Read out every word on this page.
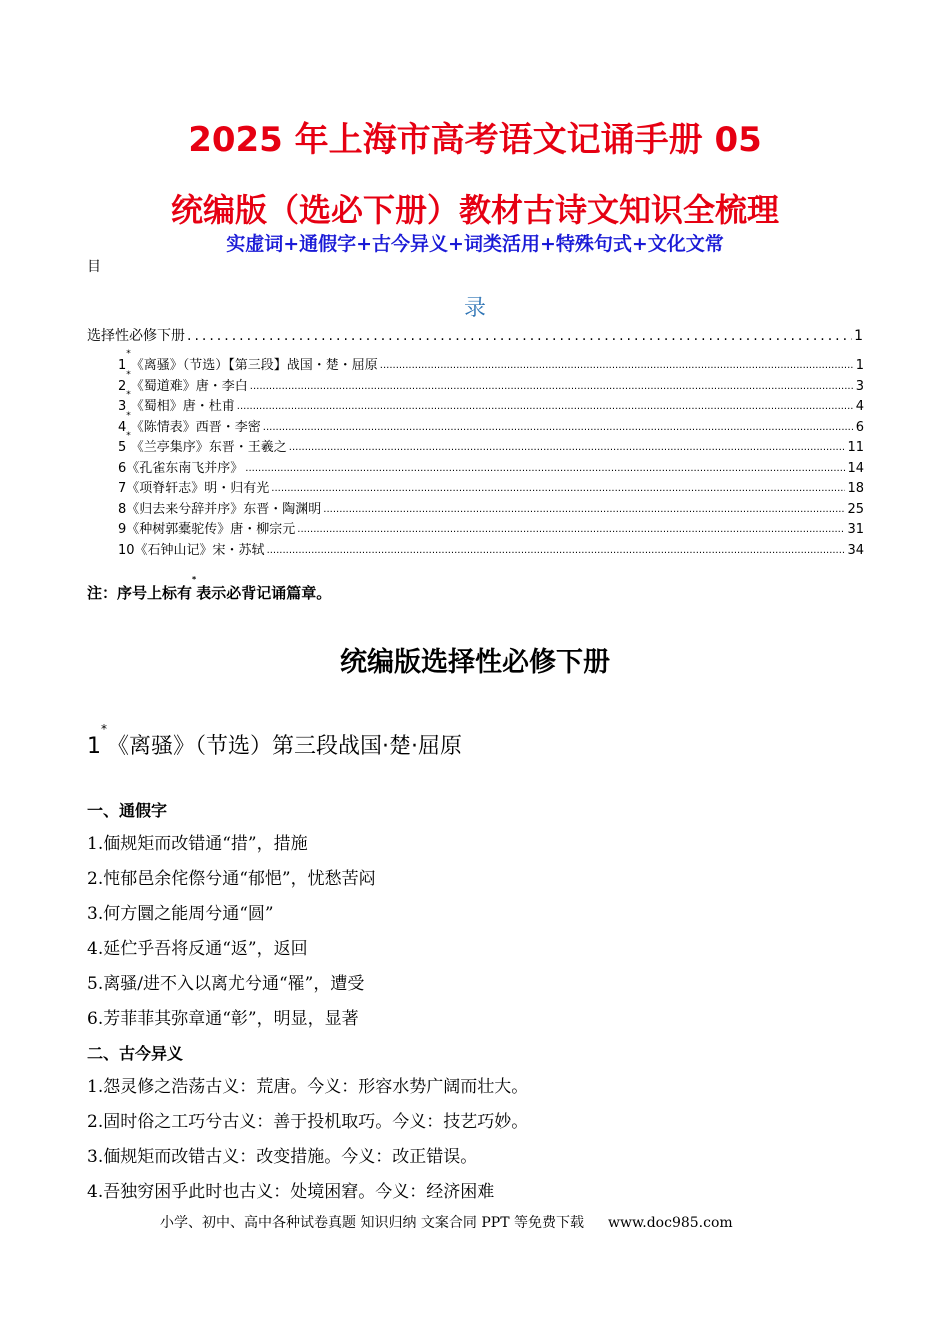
2025 年上海市高考语文记诵手册 05
统编版（选必下册）教材古诗文知识全梳理
实虚词+通假字+古今异义+词类活用+特殊句式+文化文常
目
录
选择性必修下册 .....	1
1*《离骚》（节选）【第三段】战国・楚・屈原 .....	1
2*《蜀道难》唐・李白 .....	3
3*《蜀相》唐・杜甫 .....	4
4*《陈情表》西晋・李密 .....	6
5*《兰亭集序》东晋・王羲之 .....	11
6《孔雀东南飞并序》 .....	14
7《项脊轩志》明・归有光 .....	18
8《归去来兮辞并序》东晋・陶渊明 .....	25
9《种树郭橐驼传》唐・柳宗元 .....	31
10《石钟山记》宋・苏轼 .....	34
注：序号上标有*表示必背记诵篇章。
统编版选择性必修下册
1*《离骚》（节选）第三段战国·楚·屈原
一、通假字
1.偭规矩而改错通“措”，措施
2.忳郁邑余侘傺兮通“郁悒”，忧愁苦闷
3.何方圜之能周兮通“圆”
4.延伫乎吾将反通“返”，返回
5.离骚/进不入以离尤兮通“罹”，遭受
6.芳菲菲其弥章通“彰”，明显，显著
二、古今异义
1.怨灵修之浩荡古义：荒唐。今义：形容水势广阔而壮大。
2.固时俗之工巧兮古义：善于投机取巧。今义：技艺巧妙。
3.偭规矩而改错古义：改变措施。今义：改正错误。
4.吾独穷困乎此时也古义：处境困窘。今义：经济困难
小学、初中、高中各种试卷真题 知识归纳 文案合同 PPT 等免费下载 www.doc985.com
